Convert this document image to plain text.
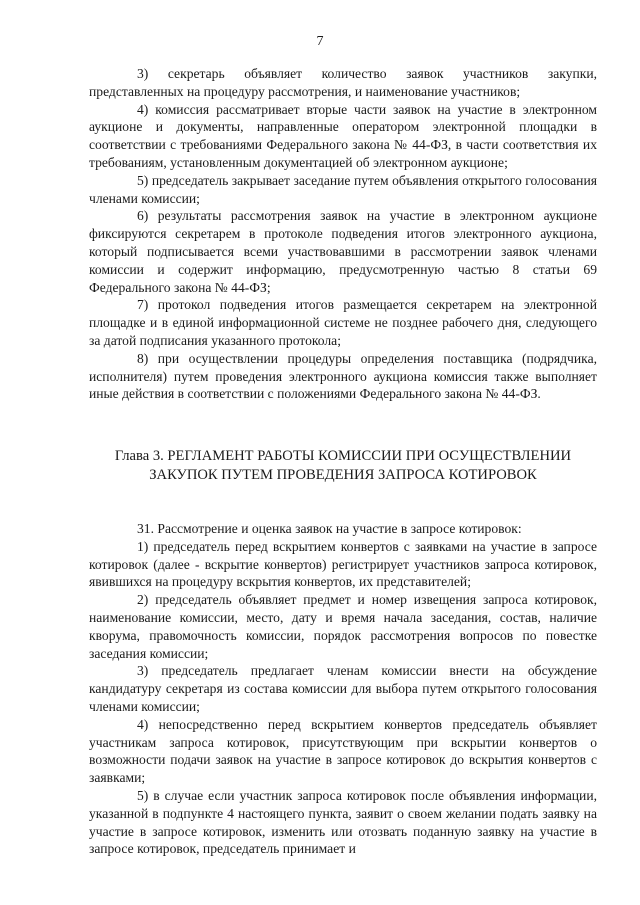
7

3) секретарь объявляет количество заявок участников закупки, представленных на процедуру рассмотрения, и наименование участников;

4) комиссия рассматривает вторые части заявок на участие в электронном аукционе и документы, направленные оператором электронной площадки в соответствии с требованиями Федерального закона № 44-ФЗ, в части соответствия их требованиям, установленным документацией об электронном аукционе;

5) председатель закрывает заседание путем объявления открытого голосования членами комиссии;

6) результаты рассмотрения заявок на участие в электронном аукционе фиксируются секретарем в протоколе подведения итогов электронного аукциона, который подписывается всеми участвовавшими в рассмотрении заявок членами комиссии и содержит информацию, предусмотренную частью 8 статьи 69 Федерального закона № 44-ФЗ;

7) протокол подведения итогов размещается секретарем на электронной площадке и в единой информационной системе не позднее рабочего дня, следующего за датой подписания указанного протокола;

8) при осуществлении процедуры определения поставщика (подрядчика, исполнителя) путем проведения электронного аукциона комиссия также выполняет иные действия в соответствии с положениями Федерального закона № 44-ФЗ.

Глава 3. РЕГЛАМЕНТ РАБОТЫ КОМИССИИ ПРИ ОСУЩЕСТВЛЕНИИ ЗАКУПОК ПУТЕМ ПРОВЕДЕНИЯ ЗАПРОСА КОТИРОВОК

31. Рассмотрение и оценка заявок на участие в запросе котировок:

1) председатель перед вскрытием конвертов с заявками на участие в запросе котировок (далее - вскрытие конвертов) регистрирует участников запроса котировок, явившихся на процедуру вскрытия конвертов, их представителей;

2) председатель объявляет предмет и номер извещения запроса котировок, наименование комиссии, место, дату и время начала заседания, состав, наличие кворума, правомочность комиссии, порядок рассмотрения вопросов по повестке заседания комиссии;

3) председатель предлагает членам комиссии внести на обсуждение кандидатуру секретаря из состава комиссии для выбора путем открытого голосования членами комиссии;

4) непосредственно перед вскрытием конвертов председатель объявляет участникам запроса котировок, присутствующим при вскрытии конвертов о возможности подачи заявок на участие в запросе котировок до вскрытия конвертов с заявками;

5) в случае если участник запроса котировок после объявления информации, указанной в подпункте 4 настоящего пункта, заявит о своем желании подать заявку на участие в запросе котировок, изменить или отозвать поданную заявку на участие в запросе котировок, председатель принимает и
